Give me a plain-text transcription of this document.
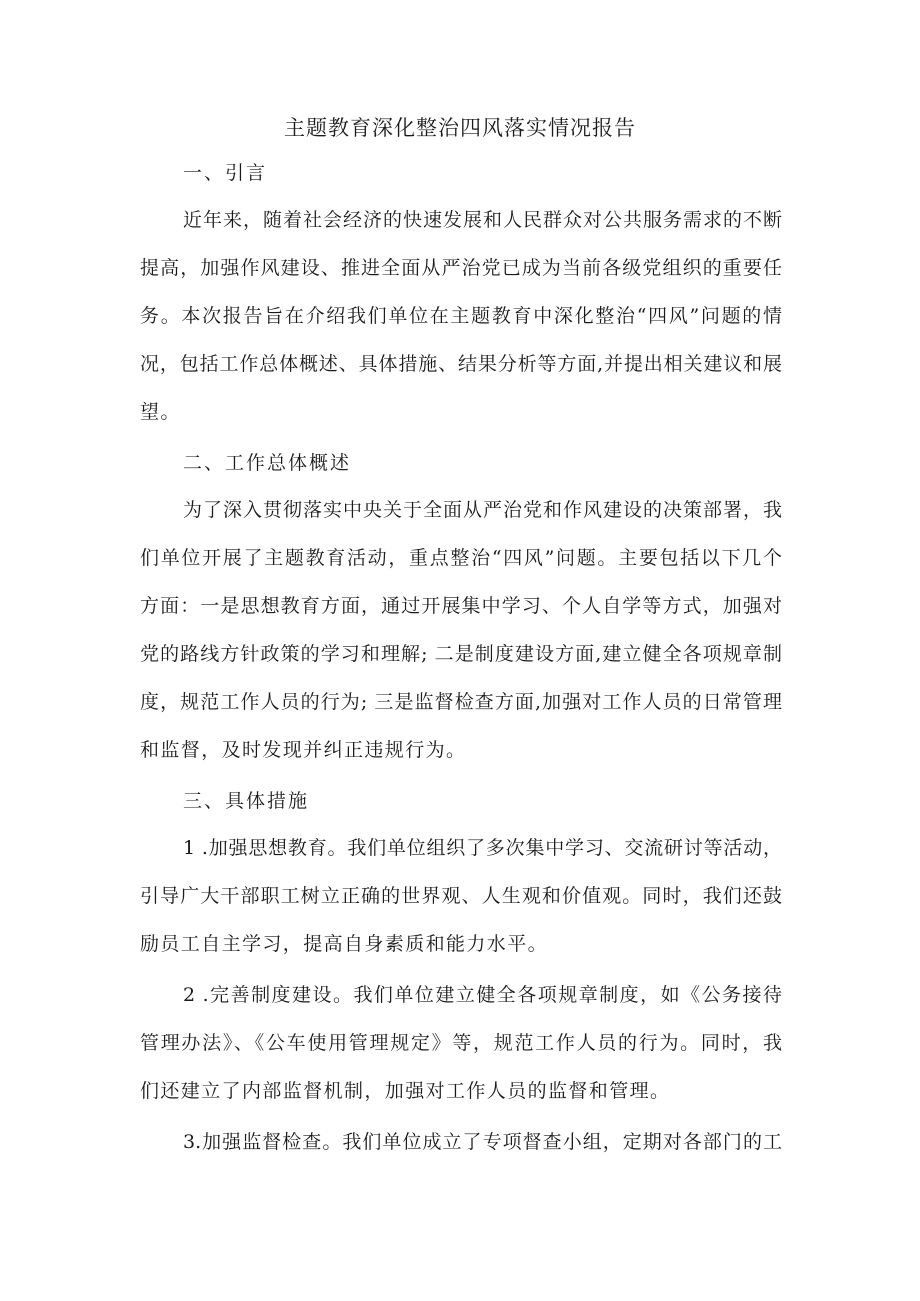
主题教育深化整治四风落实情况报告
一、引言
近年来，随着社会经济的快速发展和人民群众对公共服务需求的不断
提高，加强作风建设、推进全面从严治党已成为当前各级党组织的重要任
务。本次报告旨在介绍我们单位在主题教育中深化整治“四风”问题的情
况，包括工作总体概述、具体措施、结果分析等方面,并提出相关建议和展
望。
二、工作总体概述
为了深入贯彻落实中央关于全面从严治党和作风建设的决策部署，我
们单位开展了主题教育活动，重点整治“四风”问题。主要包括以下几个
方面：一是思想教育方面，通过开展集中学习、个人自学等方式，加强对
党的路线方针政策的学习和理解; 二是制度建设方面,建立健全各项规章制
度，规范工作人员的行为; 三是监督检查方面,加强对工作人员的日常管理
和监督，及时发现并纠正违规行为。
三、具体措施
1 .加强思想教育。我们单位组织了多次集中学习、交流研讨等活动，
引导广大干部职工树立正确的世界观、人生观和价值观。同时，我们还鼓
励员工自主学习，提高自身素质和能力水平。
2 .完善制度建设。我们单位建立健全各项规章制度，如《公务接待
管理办法》、《公车使用管理规定》等，规范工作人员的行为。同时，我
们还建立了内部监督机制，加强对工作人员的监督和管理。
3.加强监督检查。我们单位成立了专项督查小组，定期对各部门的工
